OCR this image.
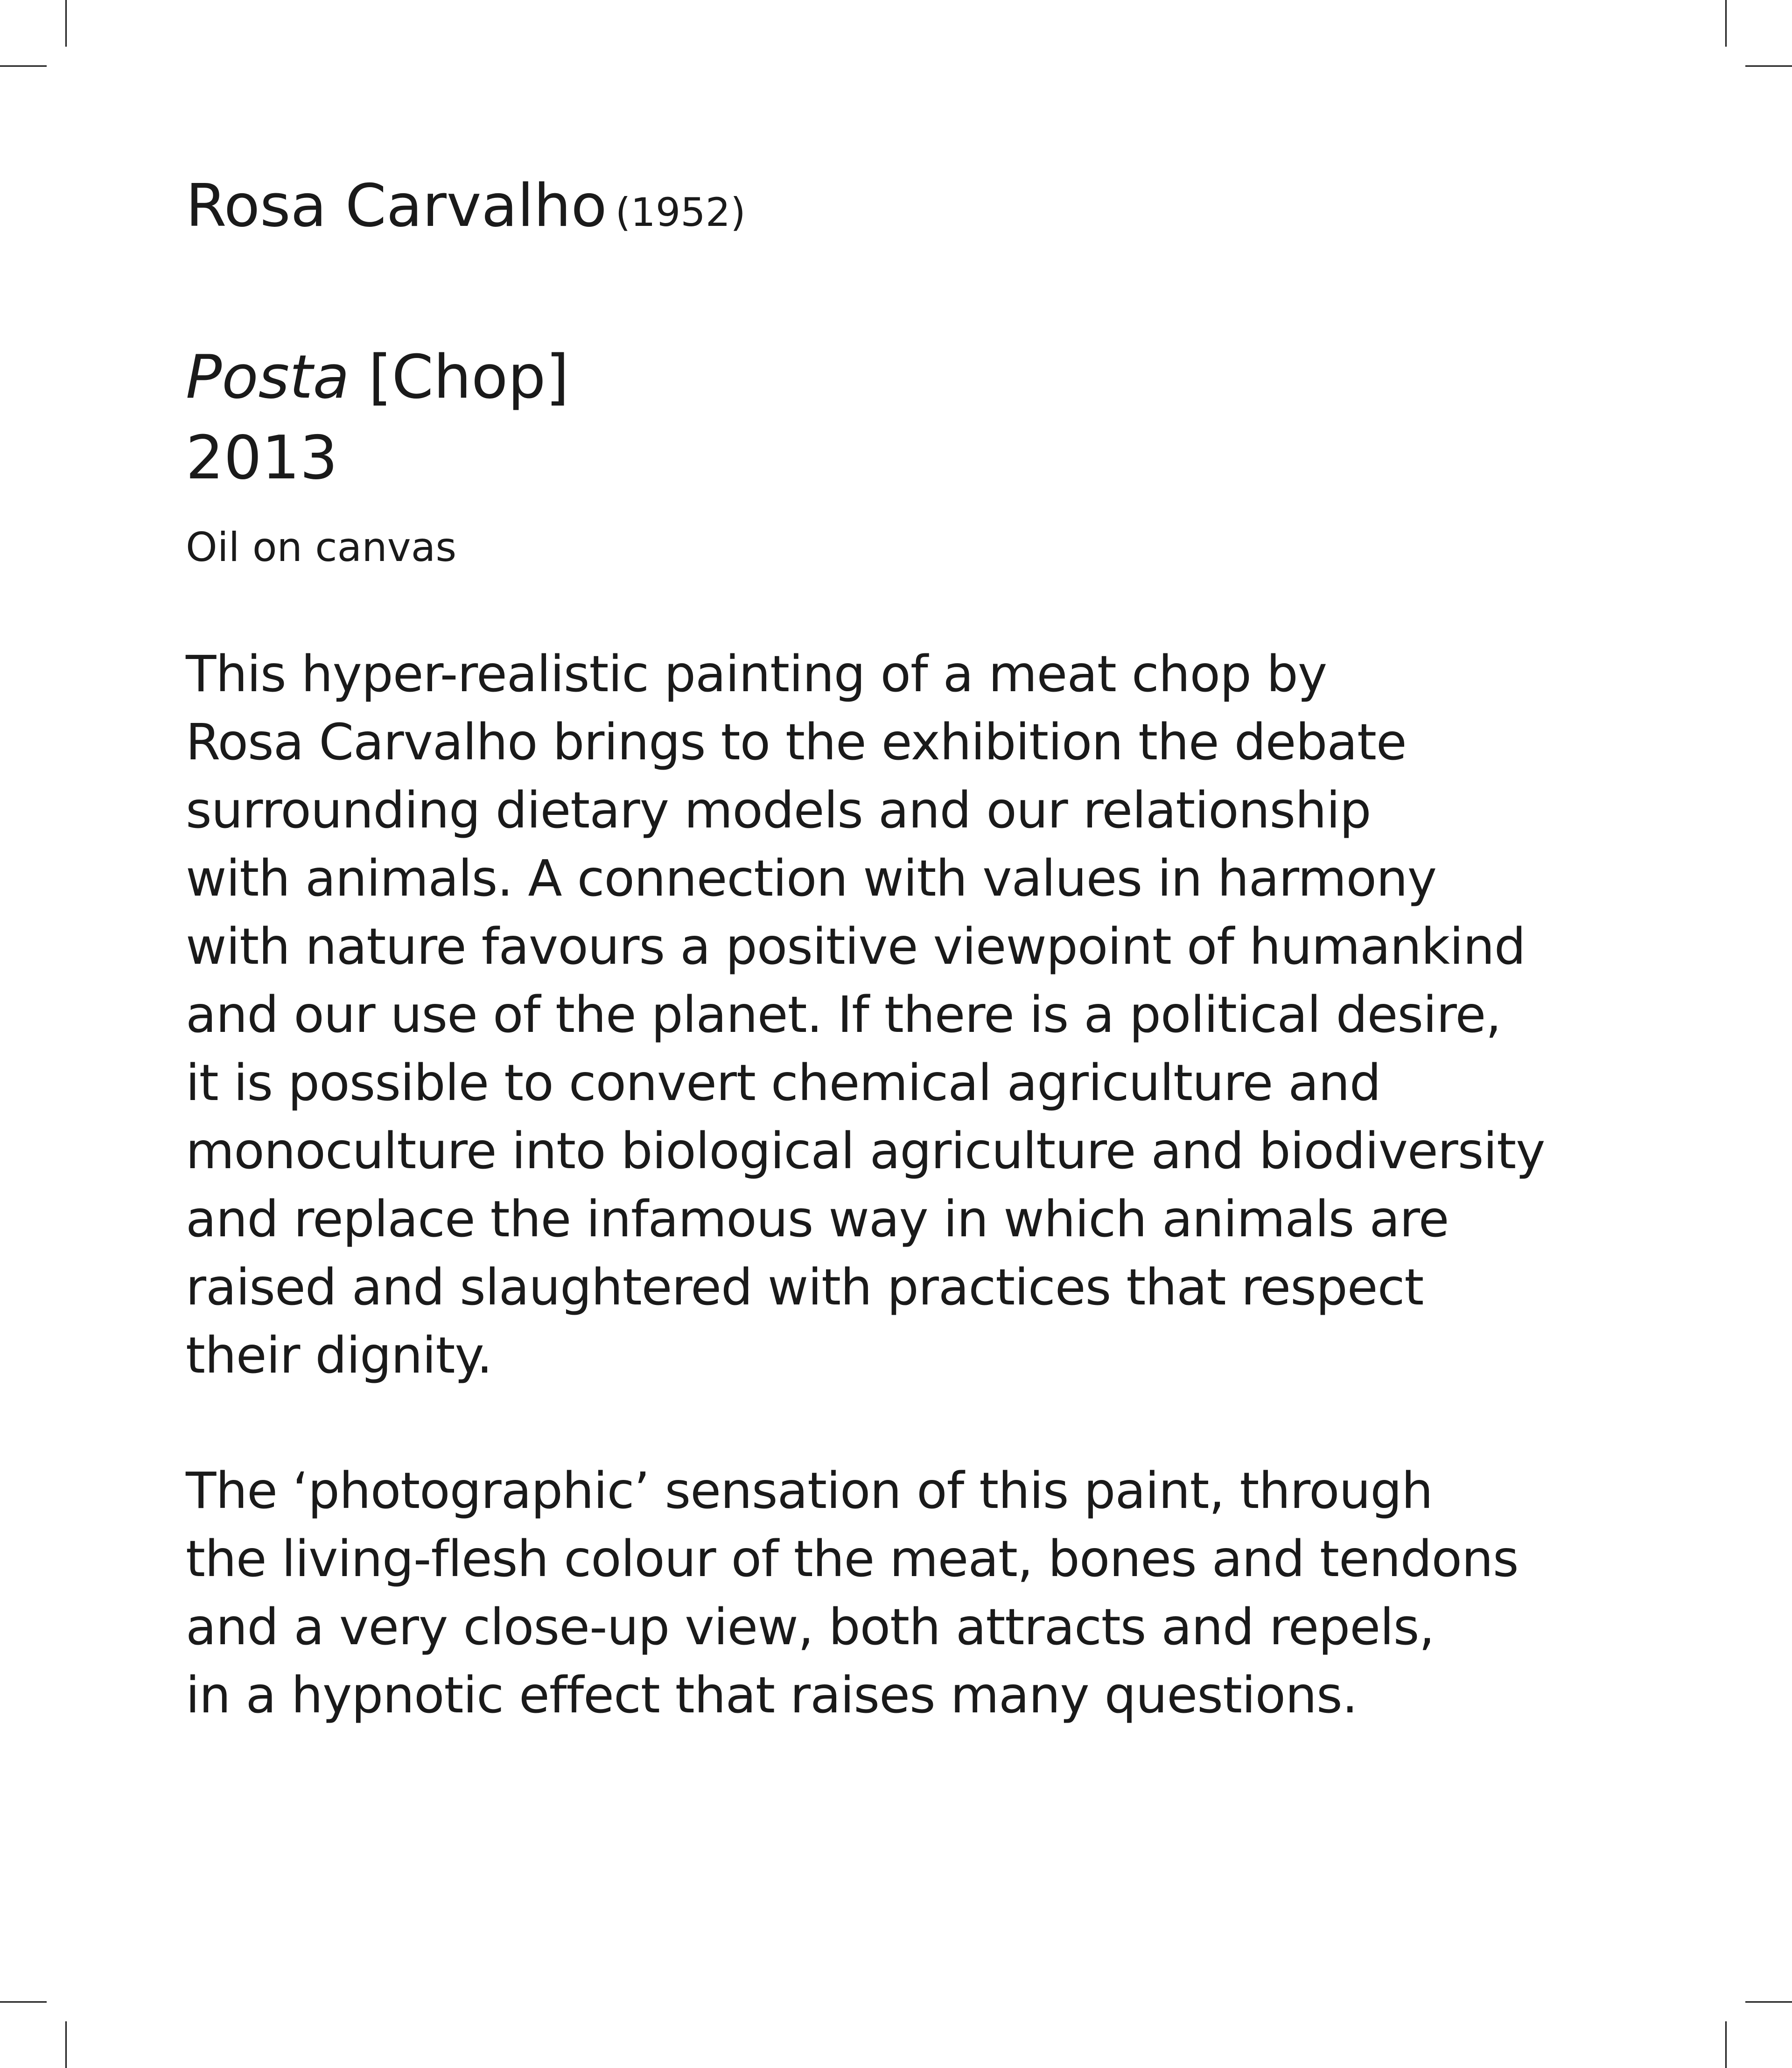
Rosa Carvalho (1952)
Posta [Chop]
2013
Oil on canvas
This hyper-realistic painting of a meat chop by
Rosa Carvalho brings to the exhibition the debate
surrounding dietary models and our relationship
with animals. A connection with values in harmony
with nature favours a positive viewpoint of humankind
and our use of the planet. If there is a political desire,
it is possible to convert chemical agriculture and
monoculture into biological agriculture and biodiversity
and replace the infamous way in which animals are
raised and slaughtered with practices that respect
their dignity.
The ‘photographic’ sensation of this paint, through
the living-flesh colour of the meat, bones and tendons
and a very close-up view, both attracts and repels,
in a hypnotic effect that raises many questions.
